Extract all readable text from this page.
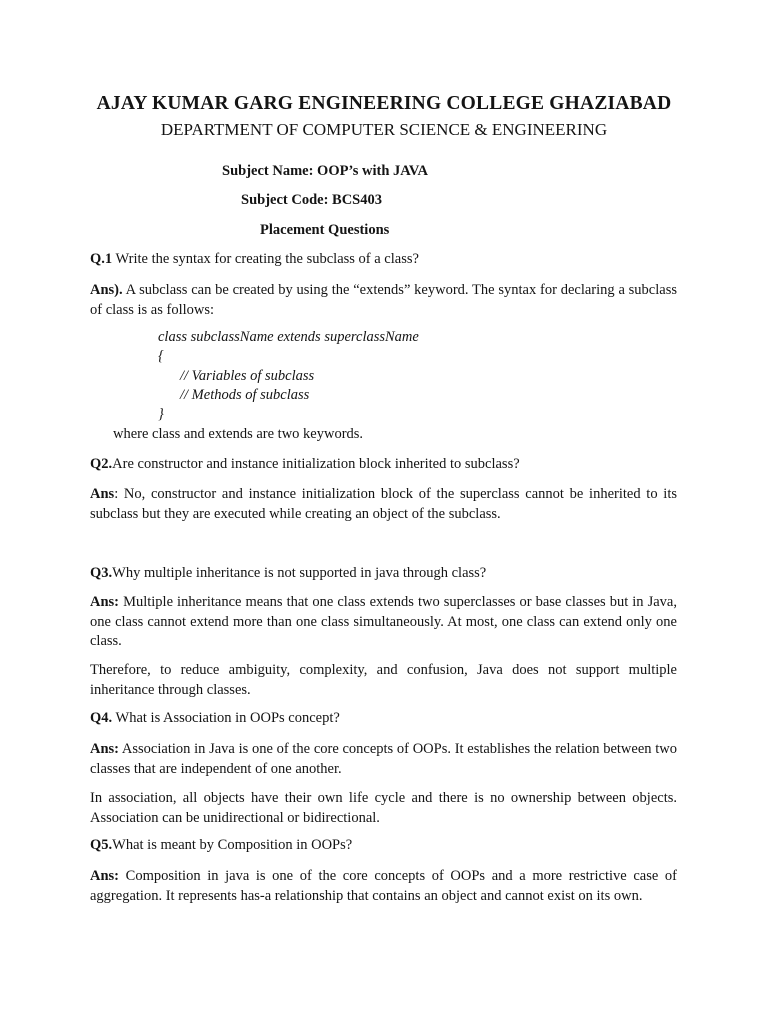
AJAY KUMAR GARG ENGINEERING COLLEGE GHAZIABAD
DEPARTMENT OF COMPUTER SCIENCE & ENGINEERING
Subject Name: OOP’s with JAVA
Subject Code: BCS403
Placement Questions
Q.1 Write the syntax for creating the subclass of a class?
Ans). A subclass can be created by using the “extends” keyword. The syntax for declaring a subclass of class is as follows:
class subclassName extends superclassName
{
// Variables of subclass
// Methods of subclass
}
where class and extends are two keywords.
Q2.Are constructor and instance initialization block inherited to subclass?
Ans: No, constructor and instance initialization block of the superclass cannot be inherited to its subclass but they are executed while creating an object of the subclass.
Q3.Why multiple inheritance is not supported in java through class?
Ans: Multiple inheritance means that one class extends two superclasses or base classes but in Java, one class cannot extend more than one class simultaneously. At most, one class can extend only one class.
Therefore, to reduce ambiguity, complexity, and confusion, Java does not support multiple inheritance through classes.
Q4. What is Association in OOPs concept?
Ans: Association in Java is one of the core concepts of OOPs. It establishes the relation between two classes that are independent of one another.
In association, all objects have their own life cycle and there is no ownership between objects. Association can be unidirectional or bidirectional.
Q5.What is meant by Composition in OOPs?
Ans: Composition in java is one of the core concepts of OOPs and a more restrictive case of aggregation. It represents has-a relationship that contains an object and cannot exist on its own.
